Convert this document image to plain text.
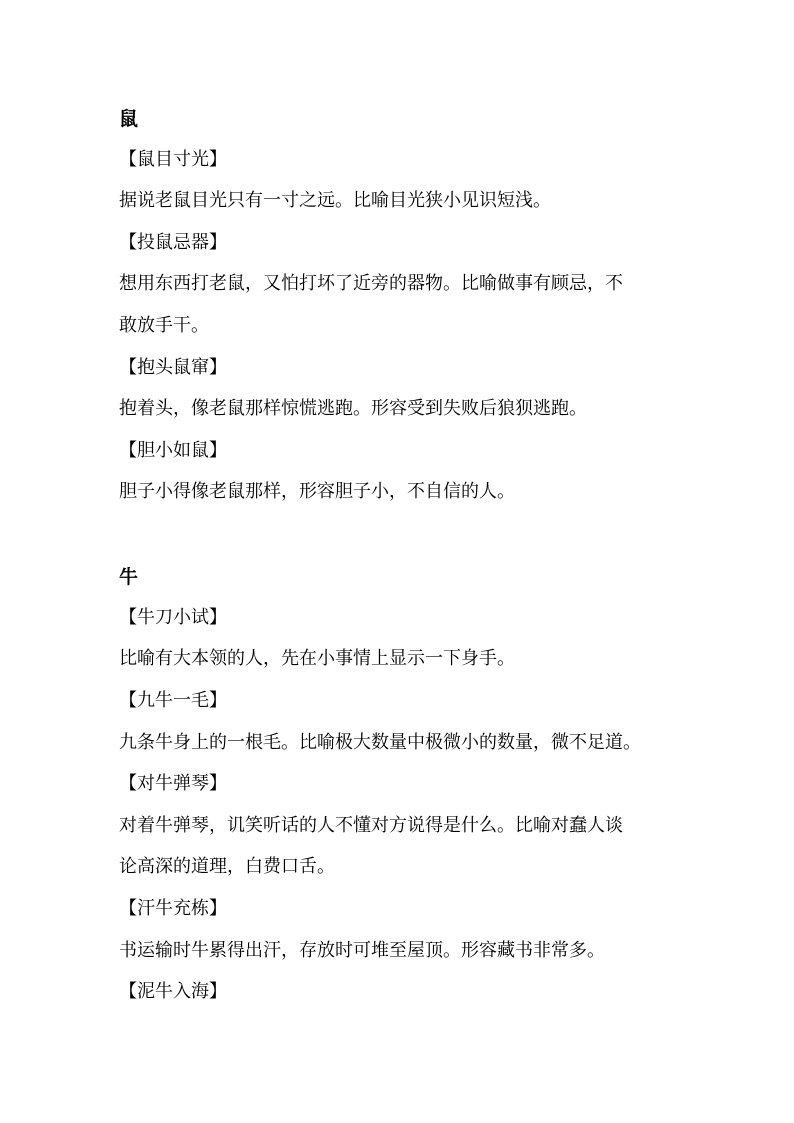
鼠
【鼠目寸光】
据说老鼠目光只有一寸之远。比喻目光狭小见识短浅。
【投鼠忌器】
想用东西打老鼠，又怕打坏了近旁的器物。比喻做事有顾忌，不
敢放手干。
【抱头鼠窜】
抱着头，像老鼠那样惊慌逃跑。形容受到失败后狼狈逃跑。
【胆小如鼠】
胆子小得像老鼠那样，形容胆子小，不自信的人。
牛
【牛刀小试】
比喻有大本领的人，先在小事情上显示一下身手。
【九牛一毛】
九条牛身上的一根毛。比喻极大数量中极微小的数量，微不足道。
【对牛弹琴】
对着牛弹琴，讥笑听话的人不懂对方说得是什么。比喻对蠢人谈
论高深的道理，白费口舌。
【汗牛充栋】
书运输时牛累得出汗，存放时可堆至屋顶。形容藏书非常多。
【泥牛入海】
